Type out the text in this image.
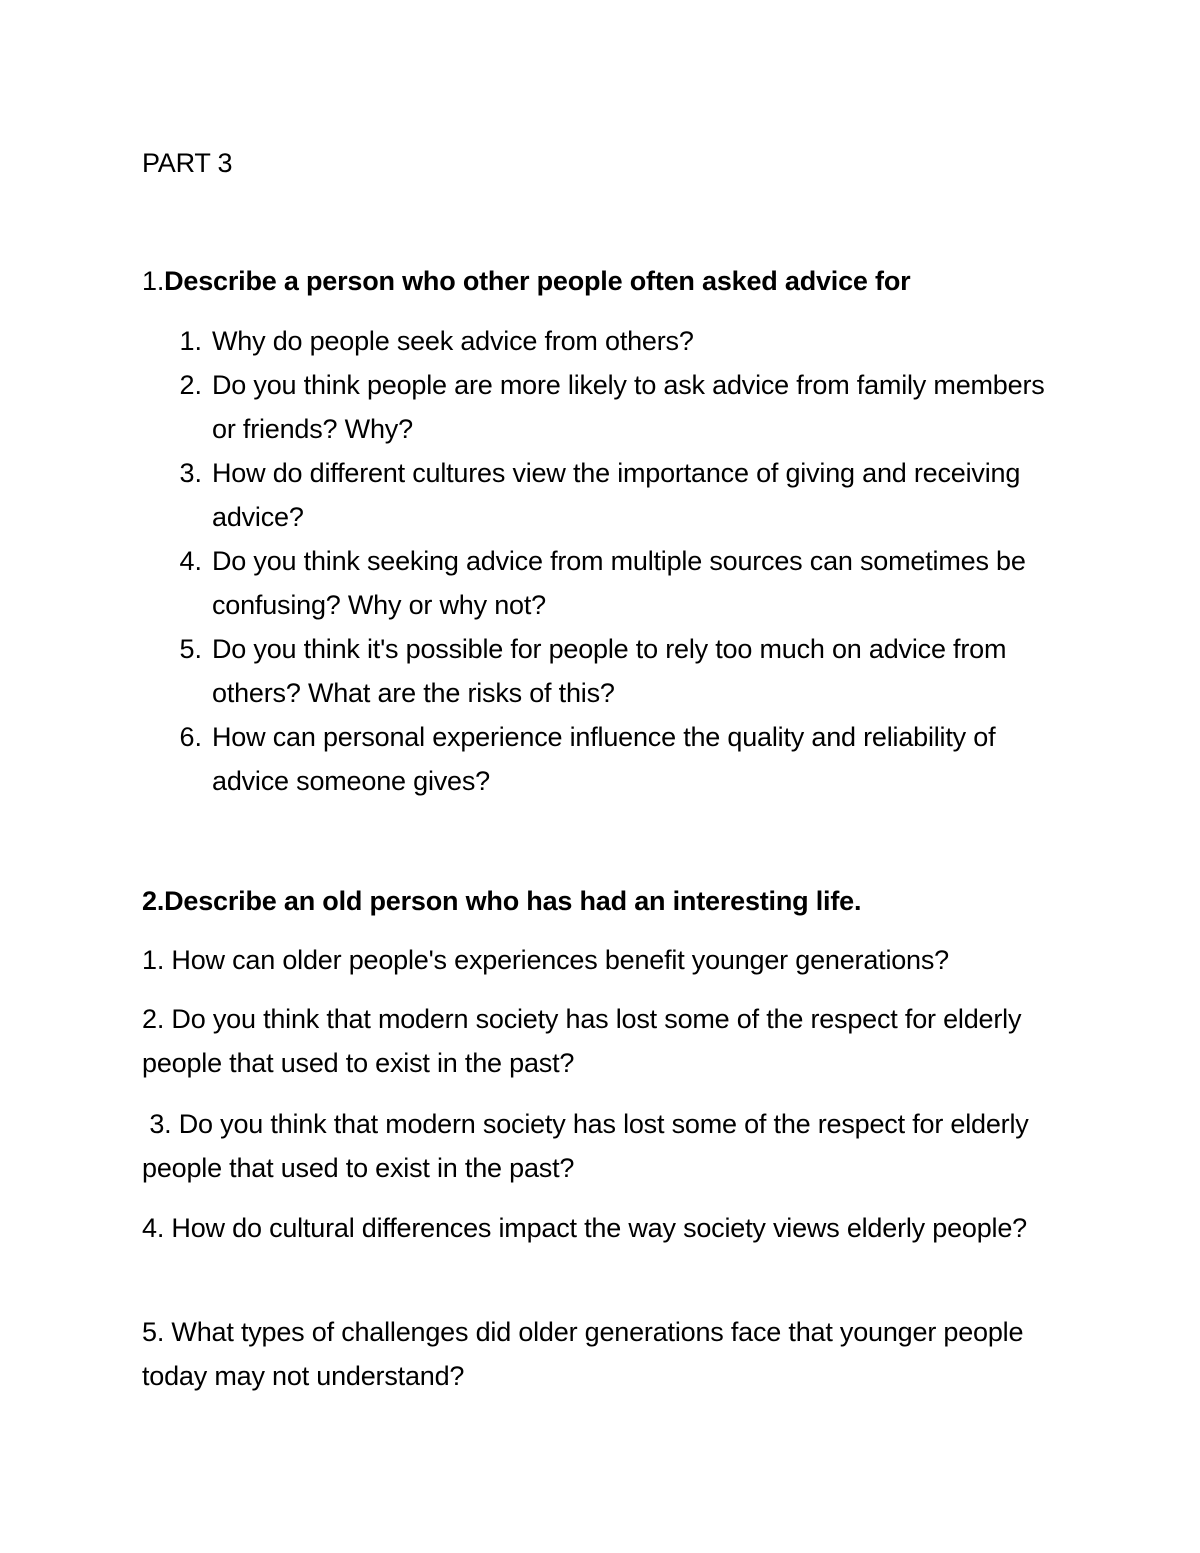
PART 3

1.Describe a person who other people often asked advice for

1. Why do people seek advice from others?
2. Do you think people are more likely to ask advice from family members or friends? Why?
3. How do different cultures view the importance of giving and receiving advice?
4. Do you think seeking advice from multiple sources can sometimes be confusing? Why or why not?
5. Do you think it's possible for people to rely too much on advice from others? What are the risks of this?
6. How can personal experience influence the quality and reliability of advice someone gives?

2.Describe an old person who has had an interesting life.

1. How can older people's experiences benefit younger generations?

2. Do you think that modern society has lost some of the respect for elderly people that used to exist in the past?

3. Do you think that modern society has lost some of the respect for elderly people that used to exist in the past?

4. How do cultural differences impact the way society views elderly people?

5. What types of challenges did older generations face that younger people today may not understand?
